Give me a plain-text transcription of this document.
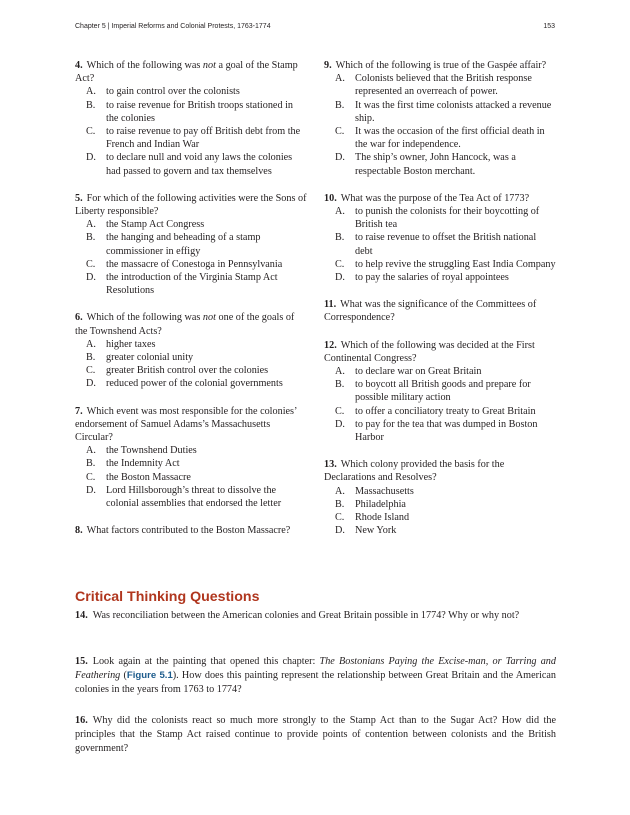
Chapter 5 | Imperial Reforms and Colonial Protests, 1763-1774	153
4. Which of the following was not a goal of the Stamp Act?
A. to gain control over the colonists
B. to raise revenue for British troops stationed in the colonies
C. to raise revenue to pay off British debt from the French and Indian War
D. to declare null and void any laws the colonies had passed to govern and tax themselves
5. For which of the following activities were the Sons of Liberty responsible?
A. the Stamp Act Congress
B. the hanging and beheading of a stamp commissioner in effigy
C. the massacre of Conestoga in Pennsylvania
D. the introduction of the Virginia Stamp Act Resolutions
6. Which of the following was not one of the goals of the Townshend Acts?
A. higher taxes
B. greater colonial unity
C. greater British control over the colonies
D. reduced power of the colonial governments
7. Which event was most responsible for the colonies’ endorsement of Samuel Adams’s Massachusetts Circular?
A. the Townshend Duties
B. the Indemnity Act
C. the Boston Massacre
D. Lord Hillsborough’s threat to dissolve the colonial assemblies that endorsed the letter
8. What factors contributed to the Boston Massacre?
9. Which of the following is true of the Gaspée affair?
A. Colonists believed that the British response represented an overreach of power.
B. It was the first time colonists attacked a revenue ship.
C. It was the occasion of the first official death in the war for independence.
D. The ship’s owner, John Hancock, was a respectable Boston merchant.
10. What was the purpose of the Tea Act of 1773?
A. to punish the colonists for their boycotting of British tea
B. to raise revenue to offset the British national debt
C. to help revive the struggling East India Company
D. to pay the salaries of royal appointees
11. What was the significance of the Committees of Correspondence?
12. Which of the following was decided at the First Continental Congress?
A. to declare war on Great Britain
B. to boycott all British goods and prepare for possible military action
C. to offer a conciliatory treaty to Great Britain
D. to pay for the tea that was dumped in Boston Harbor
13. Which colony provided the basis for the Declarations and Resolves?
A. Massachusetts
B. Philadelphia
C. Rhode Island
D. New York
Critical Thinking Questions
14. Was reconciliation between the American colonies and Great Britain possible in 1774? Why or why not?
15. Look again at the painting that opened this chapter: The Bostonians Paying the Excise-man, or Tarring and Feathering (Figure 5.1). How does this painting represent the relationship between Great Britain and the American colonies in the years from 1763 to 1774?
16. Why did the colonists react so much more strongly to the Stamp Act than to the Sugar Act? How did the principles that the Stamp Act raised continue to provide points of contention between colonists and the British government?
